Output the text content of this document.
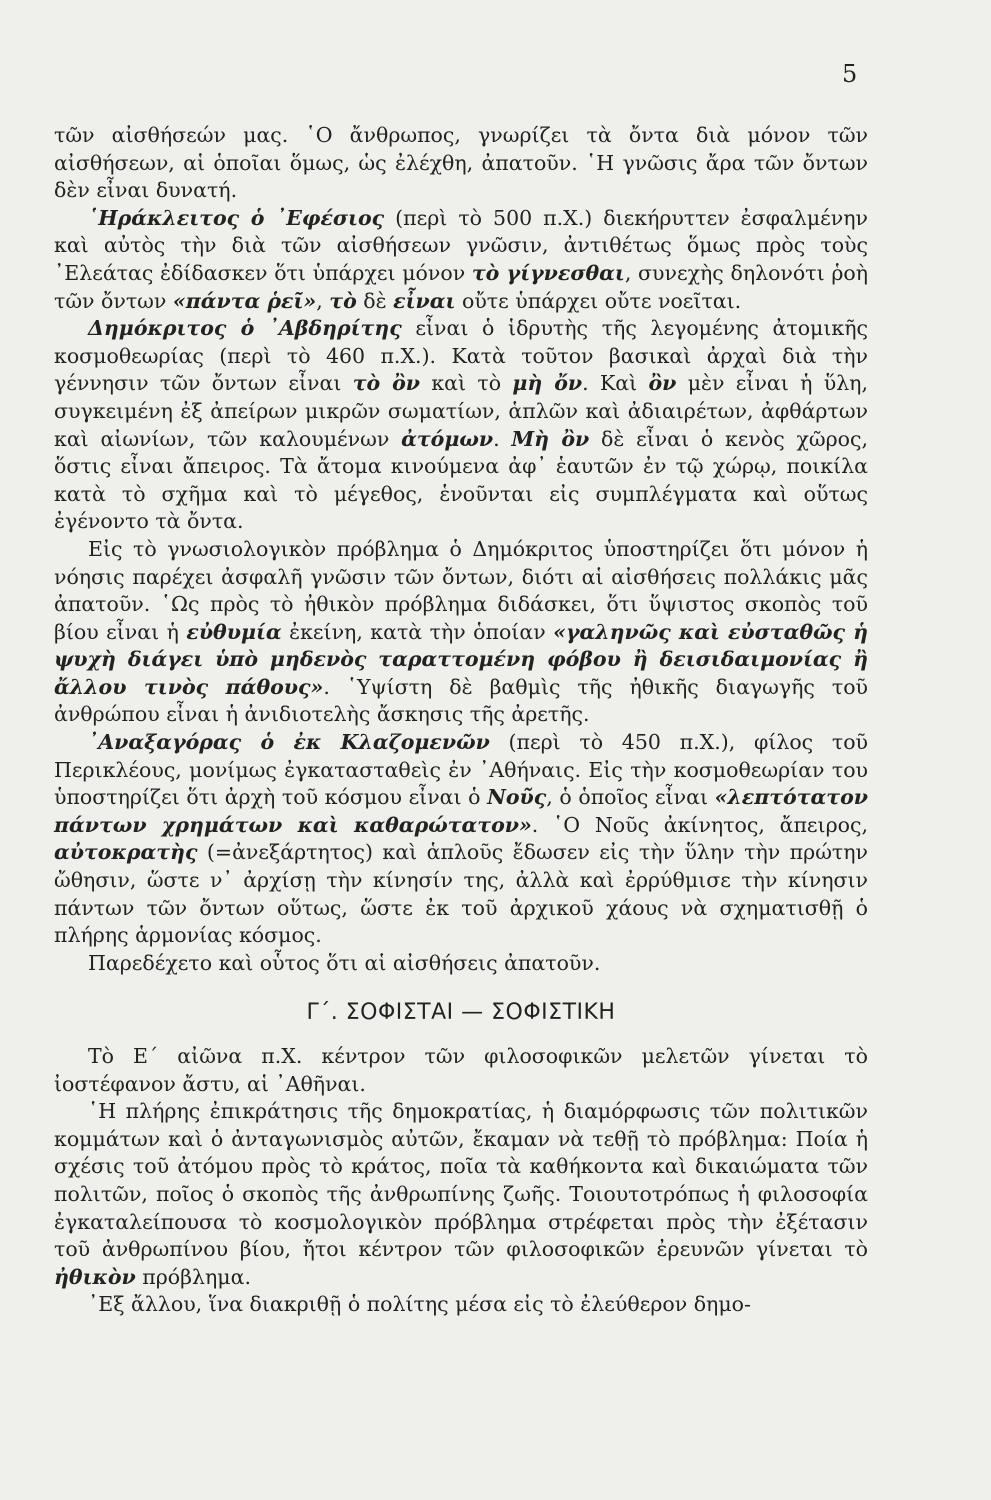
5

τῶν αἰσθήσεών μας. ῾Ο ἄνθρωπος, γνωρίζει τὰ ὄντα διὰ μόνον τῶν αἰσθήσεων, αἱ ὁποῖαι ὅμως, ὡς ἐλέχθη, ἀπατοῦν. ῾Η γνῶσις ἄρα τῶν ὄντων δὲν εἶναι δυνατή.

῾Ηράκλειτος ὁ ᾿Εφέσιος (περὶ τὸ 500 π.Χ.) διεκήρυττεν ἐσφαλμένην καὶ αὐτὸς τὴν διὰ τῶν αἰσθήσεων γνῶσιν, ἀντιθέτως ὅμως πρὸς τοὺς ᾿Ελεάτας ἐδίδασκεν ὅτι ὑπάρχει μόνον τὸ γίγνεσθαι, συνεχὴς δηλονότι ῥοὴ τῶν ὄντων «πάντα ῥεῖ», τὸ δὲ εἶναι οὔτε ὑπάρχει οὔτε νοεῖται.

Δημόκριτος ὁ ᾿Αβδηρίτης εἶναι ὁ ἱδρυτὴς τῆς λεγομένης ἀτομικῆς κοσμοθεωρίας (περὶ τὸ 460 π.Χ.). Κατὰ τοῦτον βασικαὶ ἀρχαὶ διὰ τὴν γέννησιν τῶν ὄντων εἶναι τὸ ὂν καὶ τὸ μὴ ὄν. Καὶ ὂν μὲν εἶναι ἡ ὕλη, συγκειμένη ἐξ ἀπείρων μικρῶν σωματίων, ἁπλῶν καὶ ἀδιαιρέτων, ἀφθάρτων καὶ αἰωνίων, τῶν καλουμένων ἀτόμων. Μὴ ὂν δὲ εἶναι ὁ κενὸς χῶρος, ὅστις εἶναι ἄπειρος. Τὰ ἄτομα κινούμενα ἀφ᾿ ἑαυτῶν ἐν τῷ χώρῳ, ποικίλα κατὰ τὸ σχῆμα καὶ τὸ μέγεθος, ἑνοῦνται εἰς συμπλέγματα καὶ οὕτως ἐγένοντο τὰ ὄντα.

Εἰς τὸ γνωσιολογικὸν πρόβλημα ὁ Δημόκριτος ὑποστηρίζει ὅτι μόνον ἡ νόησις παρέχει ἀσφαλῆ γνῶσιν τῶν ὄντων, διότι αἱ αἰσθήσεις πολλάκις μᾶς ἀπατοῦν. ῾Ως πρὸς τὸ ἠθικὸν πρόβλημα διδάσκει, ὅτι ὕψιστος σκοπὸς τοῦ βίου εἶναι ἡ εὐθυμία ἐκείνη, κατὰ τὴν ὁποίαν «γαληνῶς καὶ εὐσταθῶς ἡ ψυχὴ διάγει ὑπὸ μηδενὸς ταραττομένη φόβου ἢ δεισιδαιμονίας ἢ ἄλλου τινὸς πάθους». ῾Υψίστη δὲ βαθμὶς τῆς ἠθικῆς διαγωγῆς τοῦ ἀνθρώπου εἶναι ἡ ἀνιδιοτελὴς ἄσκησις τῆς ἀρετῆς.

᾿Αναξαγόρας ὁ ἐκ Κλαζομενῶν (περὶ τὸ 450 π.Χ.), φίλος τοῦ Περικλέους, μονίμως ἐγκατασταθεὶς ἐν ᾿Αθήναις. Εἰς τὴν κοσμοθεωρίαν του ὑποστηρίζει ὅτι ἀρχὴ τοῦ κόσμου εἶναι ὁ Νοῦς, ὁ ὁποῖος εἶναι «λεπτότατον πάντων χρημάτων καὶ καθαρώτατον». ῾Ο Νοῦς ἀκίνητος, ἄπειρος, αὐτοκρατὴς (=ἀνεξάρτητος) καὶ ἁπλοῦς ἔδωσεν εἰς τὴν ὕλην τὴν πρώτην ὤθησιν, ὥστε ν᾿ ἀρχίσῃ τὴν κίνησίν της, ἀλλὰ καὶ ἐρρύθμισε τὴν κίνησιν πάντων τῶν ὄντων οὕτως, ὥστε ἐκ τοῦ ἀρχικοῦ χάους νὰ σχηματισθῇ ὁ πλήρης ἁρμονίας κόσμος.

Παρεδέχετο καὶ οὗτος ὅτι αἱ αἰσθήσεις ἀπατοῦν.

Γ΄. ΣΟΦΙΣΤΑΙ — ΣΟΦΙΣΤΙΚΗ

Τὸ Ε΄ αἰῶνα π.Χ. κέντρον τῶν φιλοσοφικῶν μελετῶν γίνεται τὸ ἰοστέφανον ἄστυ, αἱ ᾿Αθῆναι.

῾Η πλήρης ἐπικράτησις τῆς δημοκρατίας, ἡ διαμόρφωσις τῶν πολιτικῶν κομμάτων καὶ ὁ ἀνταγωνισμὸς αὐτῶν, ἔκαμαν νὰ τεθῇ τὸ πρόβλημα: Ποία ἡ σχέσις τοῦ ἀτόμου πρὸς τὸ κράτος, ποῖα τὰ καθήκοντα καὶ δικαιώματα τῶν πολιτῶν, ποῖος ὁ σκοπὸς τῆς ἀνθρωπίνης ζωῆς. Τοιουτοτρόπως ἡ φιλοσοφία ἐγκαταλείπουσα τὸ κοσμολογικὸν πρόβλημα στρέφεται πρὸς τὴν ἐξέτασιν τοῦ ἀνθρωπίνου βίου, ἤτοι κέντρον τῶν φιλοσοφικῶν ἐρευνῶν γίνεται τὸ ἠθικὸν πρόβλημα.

᾿Εξ ἄλλου, ἵνα διακριθῇ ὁ πολίτης μέσα εἰς τὸ ἐλεύθερον δημο-
